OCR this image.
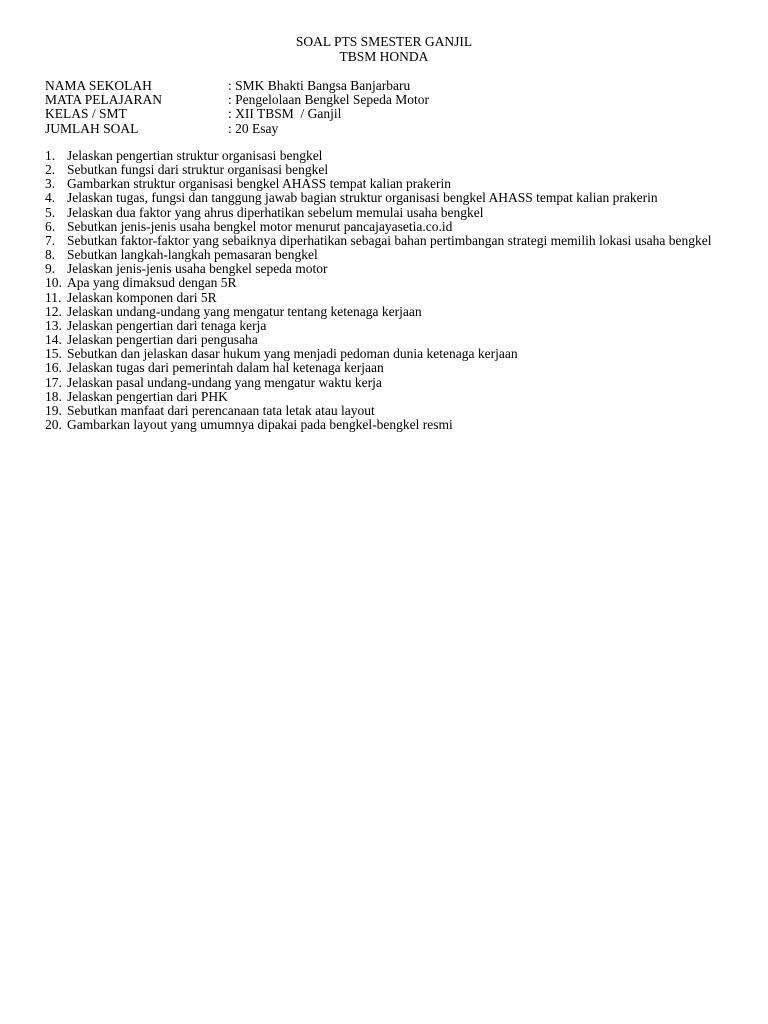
SOAL PTS SMESTER GANJIL
TBSM HONDA
NAMA SEKOLAH	: SMK Bhakti Bangsa Banjarbaru
MATA PELAJARAN	: Pengelolaan Bengkel Sepeda Motor
KELAS / SMT	: XII TBSM  / Ganjil
JUMLAH SOAL	: 20 Esay
1. Jelaskan pengertian struktur organisasi bengkel
2. Sebutkan fungsi dari struktur organisasi bengkel
3. Gambarkan struktur organisasi bengkel AHASS tempat kalian prakerin
4. Jelaskan tugas, fungsi dan tanggung jawab bagian struktur organisasi bengkel AHASS tempat kalian prakerin
5. Jelaskan dua faktor yang ahrus diperhatikan sebelum memulai usaha bengkel
6. Sebutkan jenis-jenis usaha bengkel motor menurut pancajayasetia.co.id
7. Sebutkan faktor-faktor yang sebaiknya diperhatikan sebagai bahan pertimbangan strategi memilih lokasi usaha bengkel
8. Sebutkan langkah-langkah pemasaran bengkel
9. Jelaskan jenis-jenis usaha bengkel sepeda motor
10. Apa yang dimaksud dengan 5R
11. Jelaskan komponen dari 5R
12. Jelaskan undang-undang yang mengatur tentang ketenaga kerjaan
13. Jelaskan pengertian dari tenaga kerja
14. Jelaskan pengertian dari pengusaha
15. Sebutkan dan jelaskan dasar hukum yang menjadi pedoman dunia ketenaga kerjaan
16. Jelaskan tugas dari pemerintah dalam hal ketenaga kerjaan
17. Jelaskan pasal undang-undang yang mengatur waktu kerja
18. Jelaskan pengertian dari PHK
19. Sebutkan manfaat dari perencanaan tata letak atau layout
20. Gambarkan layout yang umumnya dipakai pada bengkel-bengkel resmi
